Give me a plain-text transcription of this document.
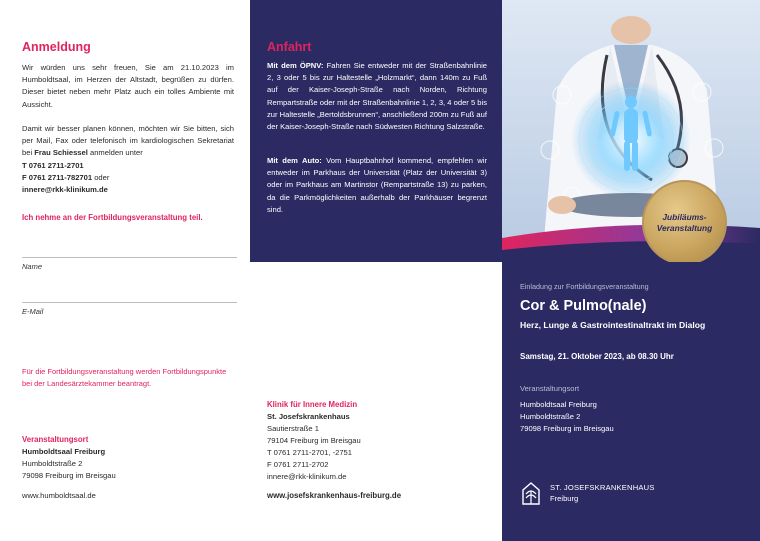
Anmeldung

Wir würden uns sehr freuen, Sie am 21.10.2023 im Humboldtsaal, im Herzen der Altstadt, begrüßen zu dürfen. Dieser bietet neben mehr Platz auch ein tolles Ambiente mit Aussicht.

Damit wir besser planen können, möchten wir Sie bitten, sich per Mail, Fax oder telefonisch im kardiologischen Sekretariat bei Frau Schiessel anmelden unter
T 0761 2711-2701
F 0761 2711-782701 oder
innere@rkk-klinikum.de

Ich nehme an der Fortbildungsveranstaltung teil.
Name
E-Mail

Für die Fortbildungsveranstaltung werden Fortbildungspunkte bei der Landesärztekammer beantragt.

Veranstaltungsort
Humboldtsaal Freiburg
Humboldtstraße 2
79098 Freiburg im Breisgau
www.humboldtsaal.de
Anfahrt

Mit dem ÖPNV: Fahren Sie entweder mit der Straßenbahnlinie 2, 3 oder 5 bis zur Haltestelle „Holzmarkt“, dann 140m zu Fuß auf der Kaiser-Joseph-Straße nach Norden, Richtung Rempartstraße oder mit der Straßenbahnlinie 1, 2, 3, 4 oder 5 bis zur Haltestelle „Bertoldsbrunnen“, anschließend 200m zu Fuß auf der Kaiser-Joseph-Straße nach Südwesten Richtung Salzstraße.

Mit dem Auto: Vom Hauptbahnhof kommend, empfehlen wir entweder im Parkhaus der Universität (Platz der Universität 3) oder im Parkhaus am Martinstor (Rempartstraße 13) zu parken, da die Parkmöglichkeiten außerhalb der Parkhäuser begrenzt sind.

Klinik für Innere Medizin
St. Josefskrankenhaus
Sautierstraße 1
79104 Freiburg im Breisgau
T 0761 2711-2701, -2751
F 0761 2711-2702
innere@rkk-klinikum.de
www.josefskrankenhaus-freiburg.de
Jubiläums-Veranstaltung
Einladung zur Fortbildungsveranstaltung
Cor & Pulmo(nale)
Herz, Lunge & Gastrointestinaltrakt im Dialog
Samstag, 21. Oktober 2023, ab 08.30 Uhr
Veranstaltungsort
Humboldtsaal Freiburg
Humboldtstraße 2
79098 Freiburg im Breisgau
ST. JOSEFSKRANKENHAUS
Freiburg
